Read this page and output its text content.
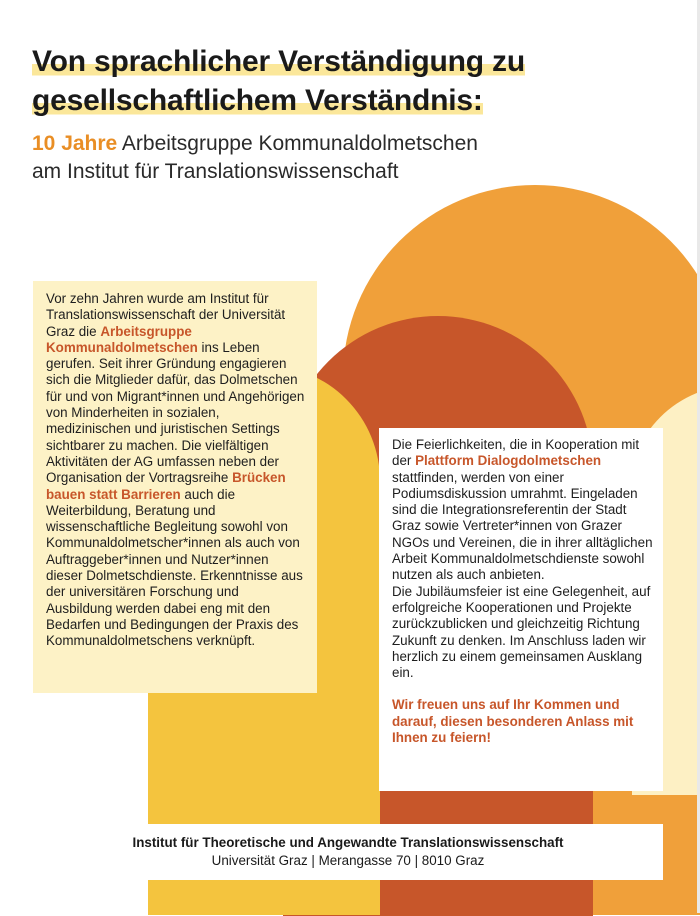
Von sprachlicher Verständigung zu
gesellschaftlichem Verständnis:

10 Jahre Arbeitsgruppe Kommunaldolmetschen
am Institut für Translationswissenschaft

Vor zehn Jahren wurde am Institut für Translationswissenschaft der Universität Graz die Arbeitsgruppe Kommunaldolmetschen ins Leben gerufen. Seit ihrer Gründung engagieren sich die Mitglieder dafür, das Dolmetschen für und von Migrant*innen und Angehörigen von Minderheiten in sozialen, medizinischen und juristischen Settings sichtbarer zu machen. Die vielfältigen Aktivitäten der AG umfassen neben der Organisation der Vortragsreihe Brücken bauen statt Barrieren auch die Weiterbildung, Beratung und wissenschaftliche Begleitung sowohl von Kommunaldolmetscher*innen als auch von Auftraggeber*innen und Nutzer*innen dieser Dolmetschdienste. Erkenntnisse aus der universitären Forschung und Ausbildung werden dabei eng mit den Bedarfen und Bedingungen der Praxis des Kommunaldolmetschens verknüpft.

Die Feierlichkeiten, die in Kooperation mit der Plattform Dialogdolmetschen stattfinden, werden von einer Podiumsdiskussion umrahmt. Eingeladen sind die Integrationsreferentin der Stadt Graz sowie Vertreter*innen von Grazer NGOs und Vereinen, die in ihrer alltäglichen Arbeit Kommunaldolmetschdienste sowohl nutzen als auch anbieten.

Die Jubiläumsfeier ist eine Gelegenheit, auf erfolgreiche Kooperationen und Projekte zurückzublicken und gleichzeitig Richtung Zukunft zu denken. Im Anschluss laden wir herzlich zu einem gemeinsamen Ausklang ein.

Wir freuen uns auf Ihr Kommen und darauf, diesen besonderen Anlass mit Ihnen zu feiern!

Institut für Theoretische und Angewandte Translationswissenschaft
Universität Graz | Merangasse 70 | 8010 Graz
